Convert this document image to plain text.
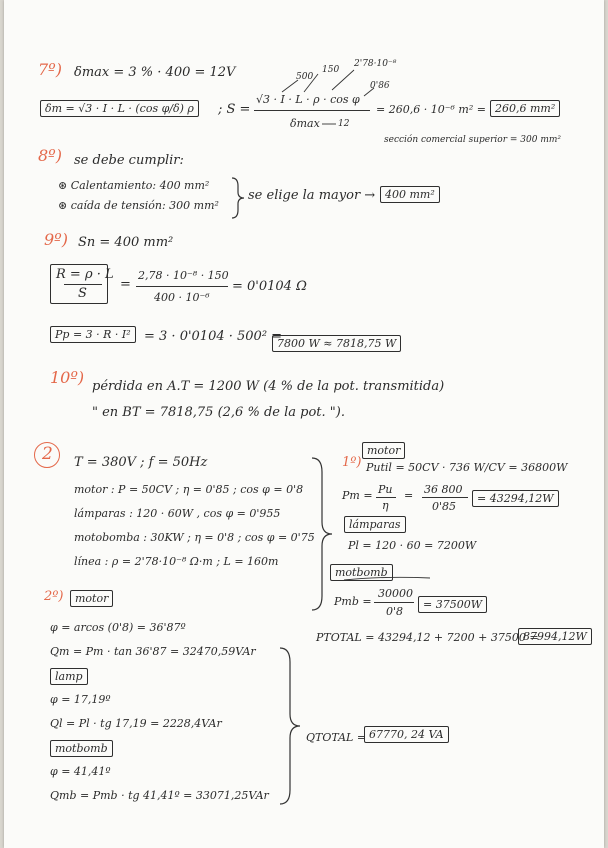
7º) δmax = 3 % · 400 = 12V
δm = √3 · I · L · (cos φ/δ) ρ	; S =
500
150
2'78·10⁻⁸
0'86
√3 · I · L · ρ · cos φ
δmax 12
= 260,6 · 10⁻⁶ m² = 260,6 mm²
sección comercial superior = 300 mm²
8º) se debe cumplir:
⊛ Calentamiento: 400 mm²
⊛ caída de tensión: 300 mm²
se elige la mayor → 400 mm²
9º) Sn = 400 mm²
R = ρ · L
S
=
2,78 · 10⁻⁸ · 150
400 · 10⁻⁶
= 0'0104 Ω
Pp = 3 · R · I²	= 3 · 0'0104 · 500² =
7800 W ≈ 7818,75 W
10º) pérdida en A.T = 1200 W (4 % de la pot. transmitida)
" en BT = 7818,75 (2,6 % de la pot. ").
2 T = 380V ; f = 50Hz
motor : P = 50CV ; η = 0'85 ; cos φ = 0'8
lámparas : 120 · 60W , cos φ = 0'955
motobomba : 30KW ; η = 0'8 ; cos φ = 0'75
línea : ρ = 2'78·10⁻⁸ Ω·m ; L = 160m
motor
1º) Putil = 50CV · 736 W/CV = 36800W
Pm = Pu
η
= 36 800
0'85
= 43294,12W
lámparas
Pl = 120 · 60 = 7200W
motbomb
Pmb =
30000
0'8
= 37500W
PTOTAL = 43294,12 + 7200 + 37500 =
87994,12W
2º)	motor
φ = arcos (0'8) = 36'87º
Qm = Pm · tan 36'87 = 32470,59VAr
lamp
φ = 17,19º
Ql = Pl · tg 17,19 = 2228,4VAr
motbomb
φ = 41,41º
Qmb = Pmb · tg 41,41º = 33071,25VAr
QTOTAL = 67770, 24 VA
